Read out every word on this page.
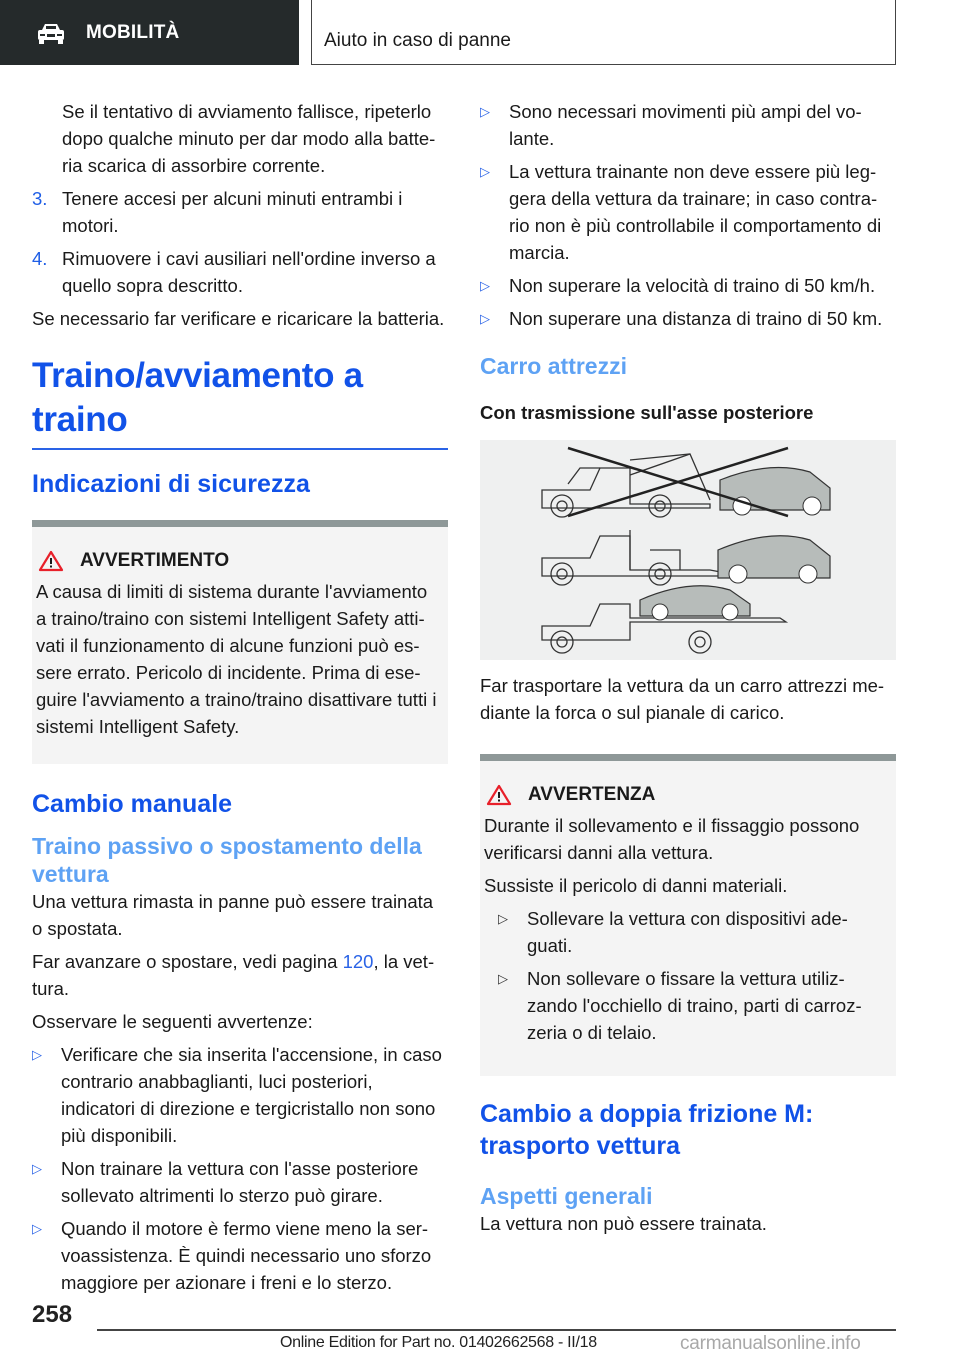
MOBILITÀ	Aiuto in caso di panne

Se il tentativo di avviamento fallisce, ripeterlo dopo qualche minuto per dar modo alla batte-ria scarica di assorbire corrente.

3. Tenere accesi per alcuni minuti entrambi i motori.
4. Rimuovere i cavi ausiliari nell'ordine inverso a quello sopra descritto.

Se necessario far verificare e ricaricare la batteria.

Traino/avviamento a traino
Indicazioni di sicurezza
AVVERTIMENTO

A causa di limiti di sistema durante l'avviamento a traino/traino con sistemi Intelligent Safety atti-vati il funzionamento di alcune funzioni può es-sere errato. Pericolo di incidente. Prima di ese-guire l'avviamento a traino/traino disattivare tutti i sistemi Intelligent Safety.

Cambio manuale
Traino passivo o spostamento della vettura

Una vettura rimasta in panne può essere trainata o spostata.

Far avanzare o spostare, vedi pagina 120, la vet-tura.

Osservare le seguenti avvertenze:

▷	Verificare che sia inserita l'accensione, in caso contrario anabbaglianti, luci posteriori, indicatori di direzione e tergicristallo non sono più disponibili.
▷	Non trainare la vettura con l'asse posteriore sollevato altrimenti lo sterzo può girare.
▷	Quando il motore è fermo viene meno la ser-voassistenza. È quindi necessario uno sforzo maggiore per azionare i freni e lo sterzo.
▷	Sono necessari movimenti più ampi del vo-lante.
▷	La vettura trainante non deve essere più leg-gera della vettura da trainare; in caso contra-rio non è più controllabile il comportamento di marcia.
▷	Non superare la velocità di traino di 50 km/h.
▷	Non superare una distanza di traino di 50 km.
Carro attrezzi
Con trasmissione sull'asse posteriore

Far trasportare la vettura da un carro attrezzi me-diante la forca o sul pianale di carico.

AVVERTENZA

Durante il sollevamento e il fissaggio possono verificarsi danni alla vettura.

Sussiste il pericolo di danni materiali.

▷	Sollevare la vettura con dispositivi ade-guati.
▷	Non sollevare o fissare la vettura utiliz-zando l'occhiello di traino, parti di carroz-zeria o di telaio.
Cambio a doppia frizione M: trasporto vettura
Aspetti generali

La vettura non può essere trainata.

258
Online Edition for Part no. 01402662568 - II/18	carmanualsonline.info
